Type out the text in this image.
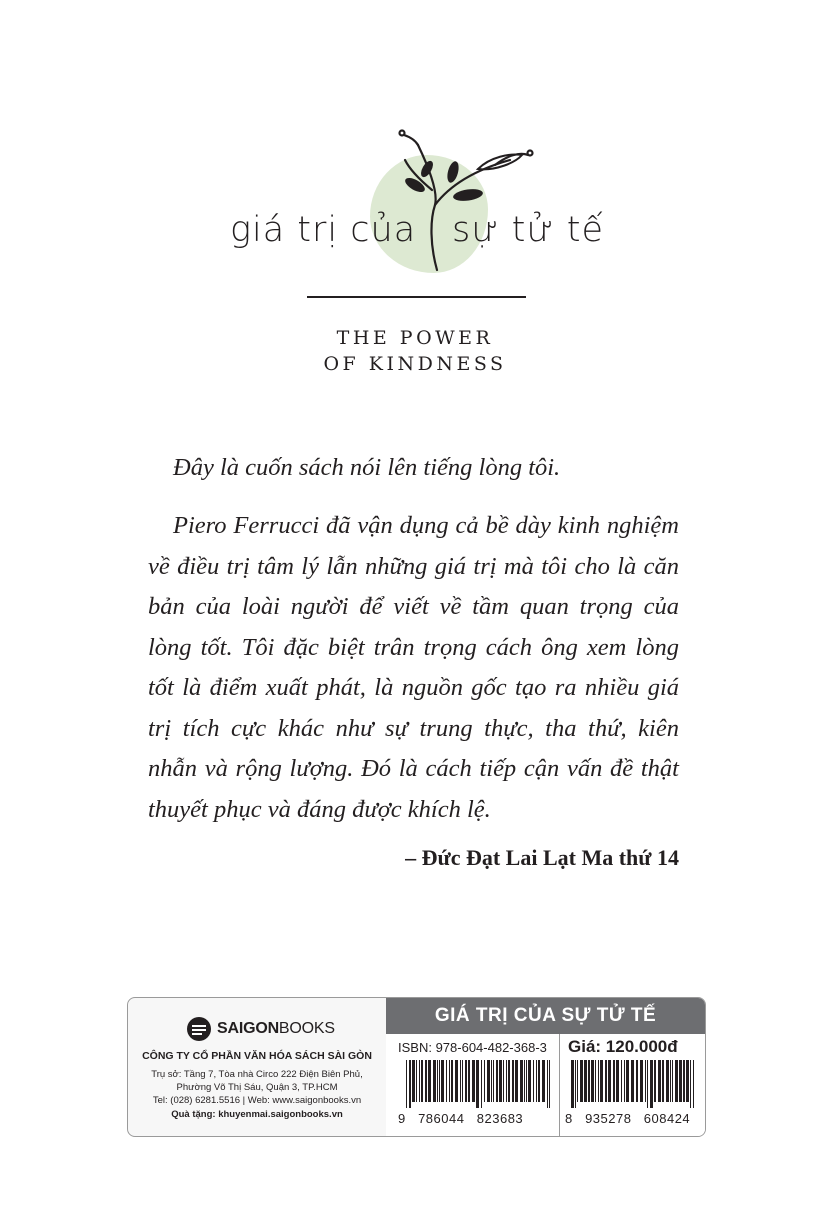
giá trị của sự tử tế
THE POWER
OF KINDNESS

Đây là cuốn sách nói lên tiếng lòng tôi.

Piero Ferrucci đã vận dụng cả bề dày kinh nghiệm về điều trị tâm lý lẫn những giá trị mà tôi cho là căn bản của loài người để viết về tầm quan trọng của lòng tốt. Tôi đặc biệt trân trọng cách ông xem lòng tốt là điểm xuất phát, là nguồn gốc tạo ra nhiều giá trị tích cực khác như sự trung thực, tha thứ, kiên nhẫn và rộng lượng. Đó là cách tiếp cận vấn đề thật thuyết phục và đáng được khích lệ.

– Đức Đạt Lai Lạt Ma thứ 14
SAIGONBOOKS
CÔNG TY CỔ PHẦN VĂN HÓA SÁCH SÀI GÒN
Trụ sở: Tầng 7, Tòa nhà Circo 222 Điện Biên Phủ,
Phường Võ Thị Sáu, Quận 3, TP.HCM
Tel: (028) 6281.5516 | Web: www.saigonbooks.vn
Quà tặng: khuyenmai.saigonbooks.vn
GIÁ TRỊ CỦA SỰ TỬ TẾ
ISBN: 978-604-482-368-3 Giá: 120.000đ
9   786044   823683	8   935278   608424
